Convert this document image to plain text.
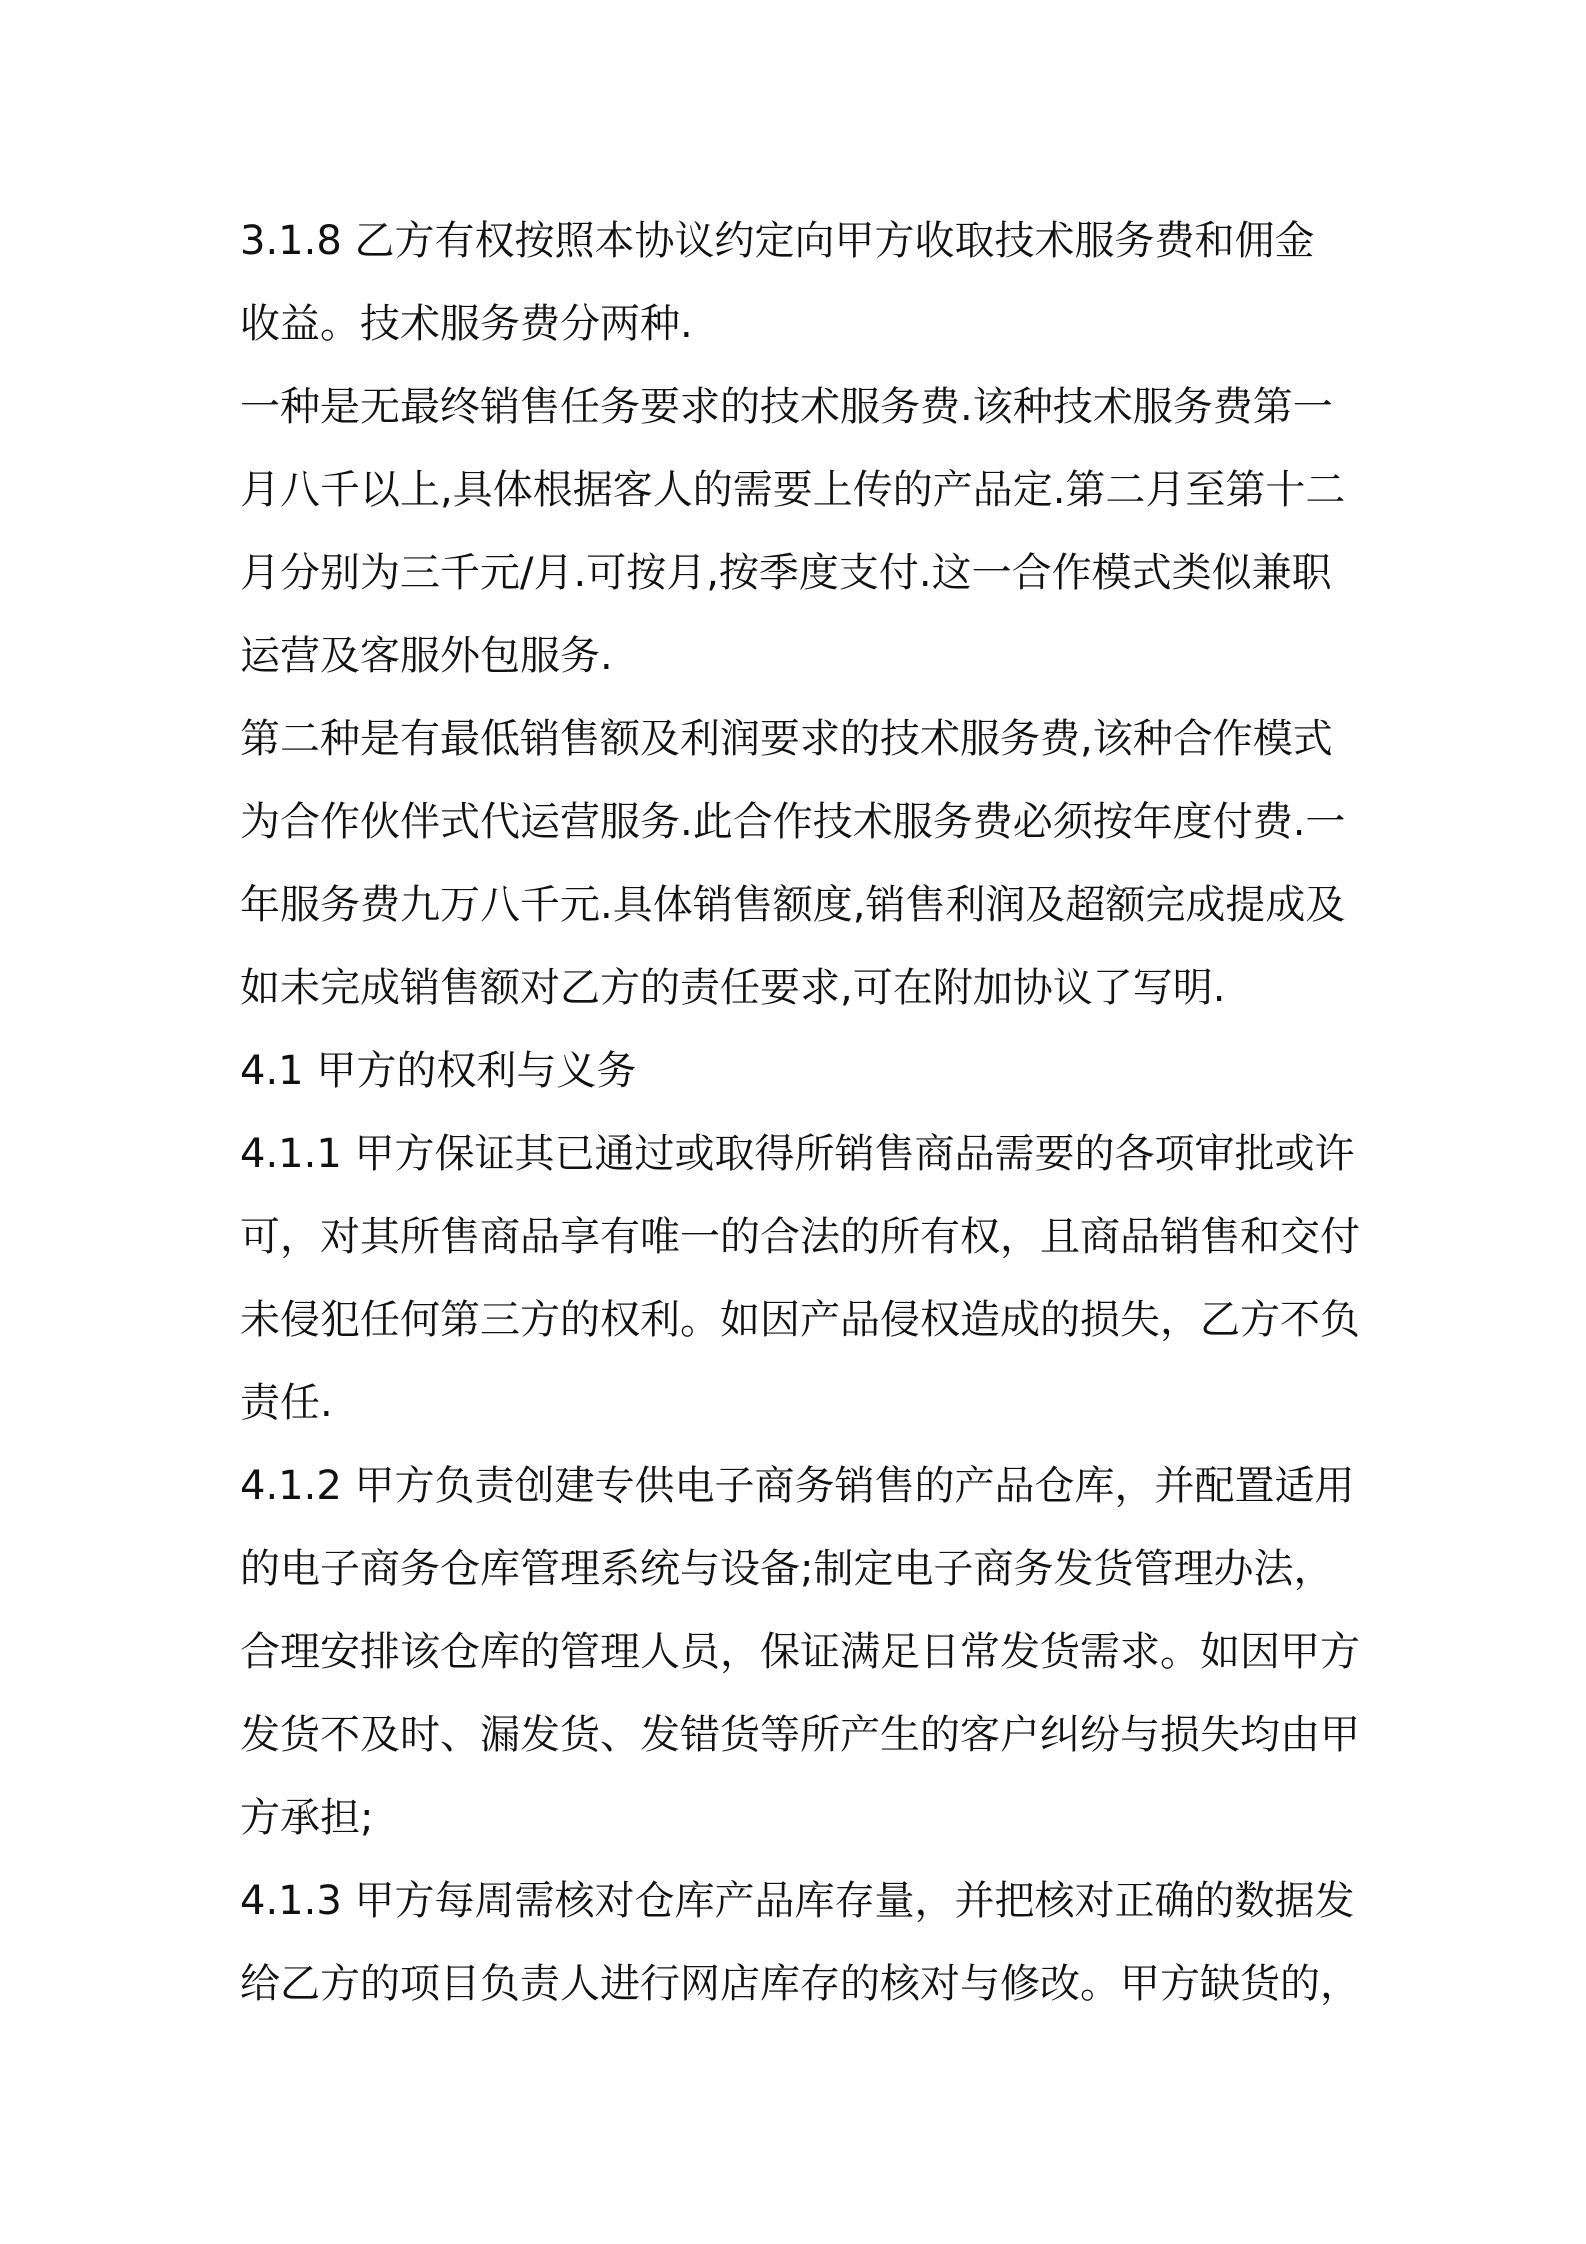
3.1.8 乙方有权按照本协议约定向甲方收取技术服务费和佣金
收益。技术服务费分两种.
一种是无最终销售任务要求的技术服务费.该种技术服务费第一
月八千以上,具体根据客人的需要上传的产品定.第二月至第十二
月分别为三千元/月.可按月,按季度支付.这一合作模式类似兼职
运营及客服外包服务.
第二种是有最低销售额及利润要求的技术服务费,该种合作模式
为合作伙伴式代运营服务.此合作技术服务费必须按年度付费.一
年服务费九万八千元.具体销售额度,销售利润及超额完成提成及
如未完成销售额对乙方的责任要求,可在附加协议了写明.
4.1 甲方的权利与义务
4.1.1 甲方保证其已通过或取得所销售商品需要的各项审批或许
可，对其所售商品享有唯一的合法的所有权，且商品销售和交付
未侵犯任何第三方的权利。如因产品侵权造成的损失，乙方不负
责任.
4.1.2 甲方负责创建专供电子商务销售的产品仓库，并配置适用
的电子商务仓库管理系统与设备;制定电子商务发货管理办法，
合理安排该仓库的管理人员，保证满足日常发货需求。如因甲方
发货不及时、漏发货、发错货等所产生的客户纠纷与损失均由甲
方承担;
4.1.3 甲方每周需核对仓库产品库存量，并把核对正确的数据发
给乙方的项目负责人进行网店库存的核对与修改。甲方缺货的，
